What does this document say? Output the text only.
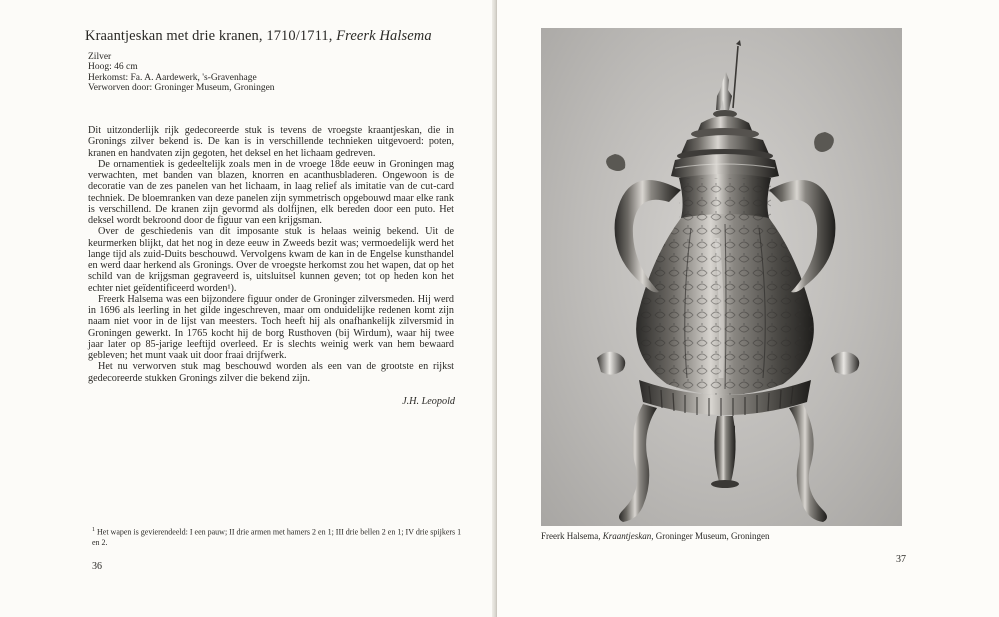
Kraantjeskan met drie kranen, 1710/1711, Freerk Halsema
Zilver
Hoog: 46 cm
Herkomst: Fa. A. Aardewerk, 's-Gravenhage
Verworven door: Groninger Museum, Groningen

Dit uitzonderlijk rijk gedecoreerde stuk is tevens de vroegste kraantjeskan, die in Gronings zilver bekend is. De kan is in verschillende technieken uitgevoerd: poten, kranen en handvaten zijn gegoten, het deksel en het lichaam gedreven.

De ornamentiek is gedeeltelijk zoals men in de vroege 18de eeuw in Groningen mag verwachten, met banden van blazen, knorren en acanthusbladeren. Ongewoon is de decoratie van de zes panelen van het lichaam, in laag relief als imitatie van de cut-card techniek. De bloemranken van deze panelen zijn symmetrisch opgebouwd maar elke rank is verschillend. De kranen zijn gevormd als dolfijnen, elk bereden door een puto. Het deksel wordt bekroond door de figuur van een krijgsman.

Over de geschiedenis van dit imposante stuk is helaas weinig bekend. Uit de keurmerken blijkt, dat het nog in deze eeuw in Zweeds bezit was; vermoedelijk werd het lange tijd als zuid-Duits beschouwd. Vervolgens kwam de kan in de Engelse kunsthandel en werd daar herkend als Gronings. Over de vroegste herkomst zou het wapen, dat op het schild van de krijgsman gegraveerd is, uitsluitsel kunnen geven; tot op heden kon het echter niet geïdentificeerd worden¹).

Freerk Halsema was een bijzondere figuur onder de Groninger zilversmeden. Hij werd in 1696 als leerling in het gilde ingeschreven, maar om onduidelijke redenen komt zijn naam niet voor in de lijst van meesters. Toch heeft hij als onafhankelijk zilversmid in Groningen gewerkt. In 1765 kocht hij de borg Rusthoven (bij Wirdum), waar hij twee jaar later op 85-jarige leeftijd overleed. Er is slechts weinig werk van hem bewaard gebleven; het munt vaak uit door fraai drijfwerk.

Het nu verworven stuk mag beschouwd worden als een van de grootste en rijkst gedecoreerde stukken Gronings zilver die bekend zijn.

J.H. Leopold
$^1$ Het wapen is gevierendeeld: I een pauw; II drie armen met hamers 2 en 1; III drie bellen 2 en 1; IV drie spijkers 1 en 2.
36
Freerk Halsema, Kraantjeskan, Groninger Museum, Groningen
37
